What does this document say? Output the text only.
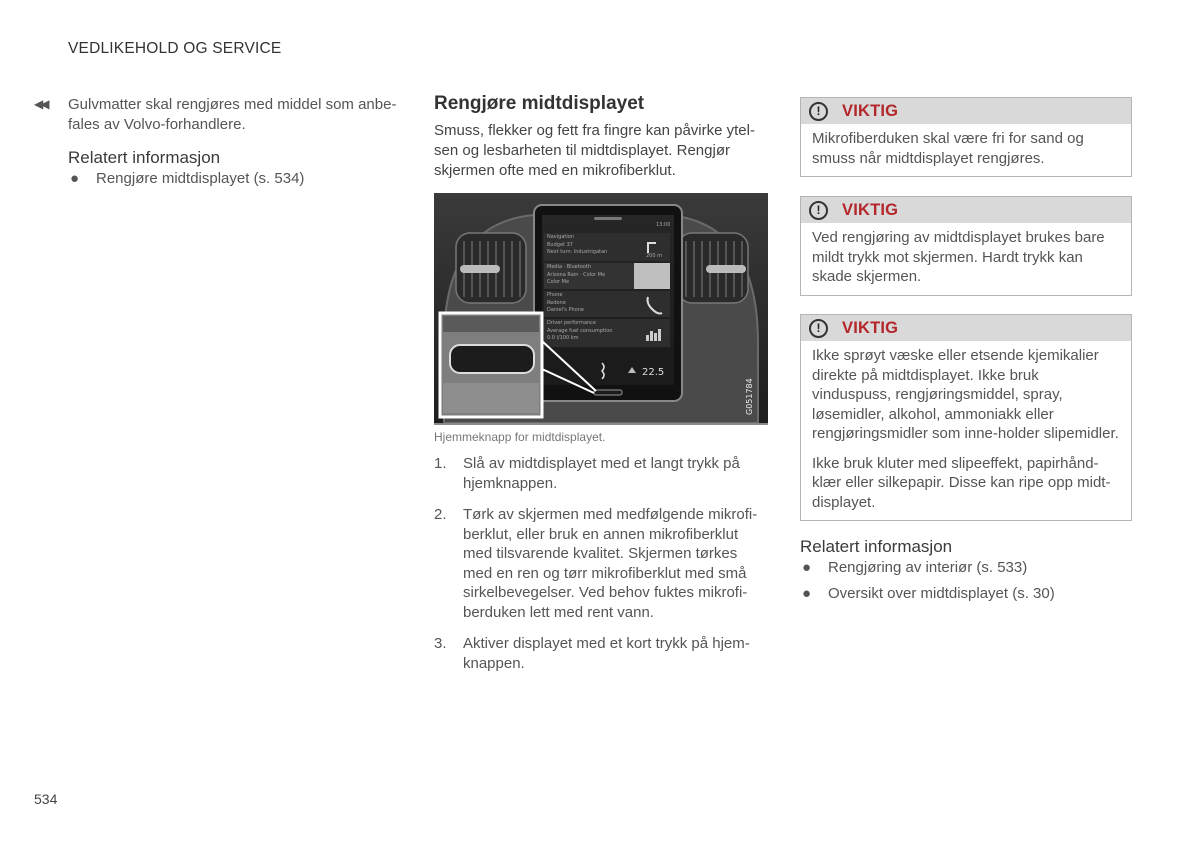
VEDLIKEHOLD OG SERVICE
◀◀ Gulvmatter skal rengjøres med middel som anbe-fales av Volvo-forhandlere.
Relatert informasjon
● Rengjøre midtdisplayet (s. 534)
Rengjøre midtdisplayet
Smuss, flekker og fett fra fingre kan påvirke ytel-sen og lesbarheten til midtdisplayet. Rengjør skjermen ofte med en mikrofiberklut.
13:00
Navigation
Budget 37
Next turn: Industrigatan
200 m
Media · Bluetooth
Arizona Rain · Color Me
Color Me
Phone
Redone
Daniel's Phone
Driver performance
Average fuel consumption
0.0 l/100 km
22.5
G051784
Hjemmeknapp for midtdisplayet.
1. Slå av midtdisplayet med et langt trykk på hjemknappen.
2. Tørk av skjermen med medfølgende mikrofi-berklut, eller bruk en annen mikrofiberklut med tilsvarende kvalitet. Skjermen tørkes med en ren og tørr mikrofiberklut med små sirkelbevegelser. Ved behov fuktes mikrofi-berduken lett med rent vann.
3. Aktiver displayet med et kort trykk på hjem-knappen.
!	VIKTIG

Mikrofiberduken skal være fri for sand og smuss når midtdisplayet rengjøres.

!	VIKTIG

Ved rengjøring av midtdisplayet brukes bare mildt trykk mot skjermen. Hardt trykk kan skade skjermen.

!	VIKTIG

Ikke sprøyt væske eller etsende kjemikalier direkte på midtdisplayet. Ikke bruk vinduspuss, rengjøringsmiddel, spray, løsemidler, alkohol, ammoniakk eller rengjøringsmidler som inne-holder slipemidler.

Ikke bruk kluter med slipeeffekt, papirhånd-klær eller silkepapir. Disse kan ripe opp midt-displayet.

Relatert informasjon
● Rengjøring av interiør (s. 533)
● Oversikt over midtdisplayet (s. 30)
534
